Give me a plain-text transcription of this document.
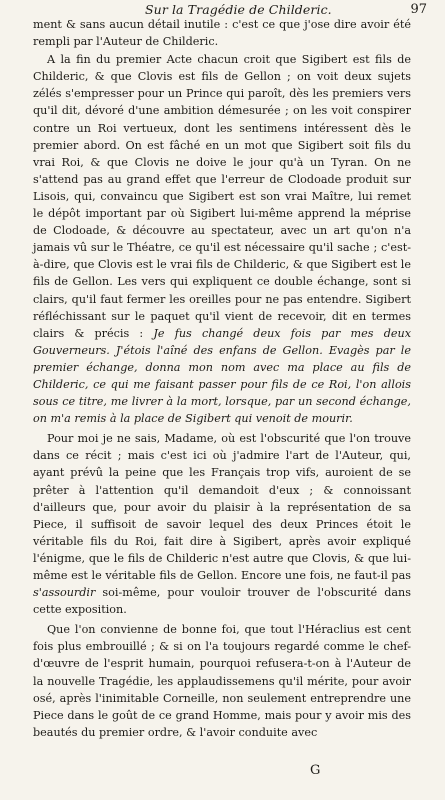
Sur la Tragédie de Childeric.	97

ment & sans aucun détail inutile : c'est ce que j'ose dire avoir été rempli par l'Auteur de Childeric.

A la fin du premier Acte chacun croit que Sigibert est fils de Childeric, & que Clovis est fils de Gellon ; on voit deux sujets zélés s'empresser pour un Prince qui paroît, dès les premiers vers qu'il dit, dévoré d'une ambition démesurée ; on les voit conspirer contre un Roi vertueux, dont les sentimens intéressent dès le premier abord. On est fâché en un mot que Sigibert soit fils du vrai Roi, & que Clovis ne doive le jour qu'à un Tyran. On ne s'attend pas au grand effet que l'erreur de Clodoade produit sur Lisois, qui, convaincu que Sigibert est son vrai Maître, lui remet le dépôt important par où Sigibert lui-même apprend la méprise de Clodoade, & découvre au spectateur, avec un art qu'on n'a jamais vû sur le Théatre, ce qu'il est nécessaire qu'il sache ; c'est-à-dire, que Clovis est le vrai fils de Childeric, & que Sigibert est le fils de Gellon. Les vers qui expliquent ce double échange, sont si clairs, qu'il faut fermer les oreilles pour ne pas entendre. Sigibert réfléchissant sur le paquet qu'il vient de recevoir, dit en termes clairs & précis : Je fus changé deux fois par mes deux Gouverneurs. J'étois l'aîné des enfans de Gellon. Evagès par le premier échange, donna mon nom avec ma place au fils de Childeric, ce qui me faisant passer pour fils de ce Roi, l'on allois sous ce titre, me livrer à la mort, lorsque, par un second échange, on m'a remis à la place de Sigibert qui venoit de mourir.

Pour moi je ne sais, Madame, où est l'obscurité que l'on trouve dans ce récit ; mais c'est ici où j'admire l'art de l'Auteur, qui, ayant prévû la peine que les Français trop vifs, auroient de se prêter à l'attention qu'il demandoit d'eux ; & connoissant d'ailleurs que, pour avoir du plaisir à la représentation de sa Piece, il suffisoit de savoir lequel des deux Princes étoit le véritable fils du Roi, fait dire à Sigibert, après avoir expliqué l'énigme, que le fils de Childeric n'est autre que Clovis, & que lui-même est le véritable fils de Gellon. Encore une fois, ne faut-il pas s'assourdir soi-même, pour vouloir trouver de l'obscurité dans cette exposition.

Que l'on convienne de bonne foi, que tout l'Héraclius est cent fois plus embrouillé ; & si on l'a toujours regardé comme le chef-d'œuvre de l'esprit humain, pourquoi refusera-t-on à l'Auteur de la nouvelle Tragédie, les applaudissemens qu'il mérite, pour avoir osé, après l'inimitable Corneille, non seulement entreprendre une Piece dans le goût de ce grand Homme, mais pour y avoir mis des beautés du premier ordre, & l'avoir conduite avec

G
